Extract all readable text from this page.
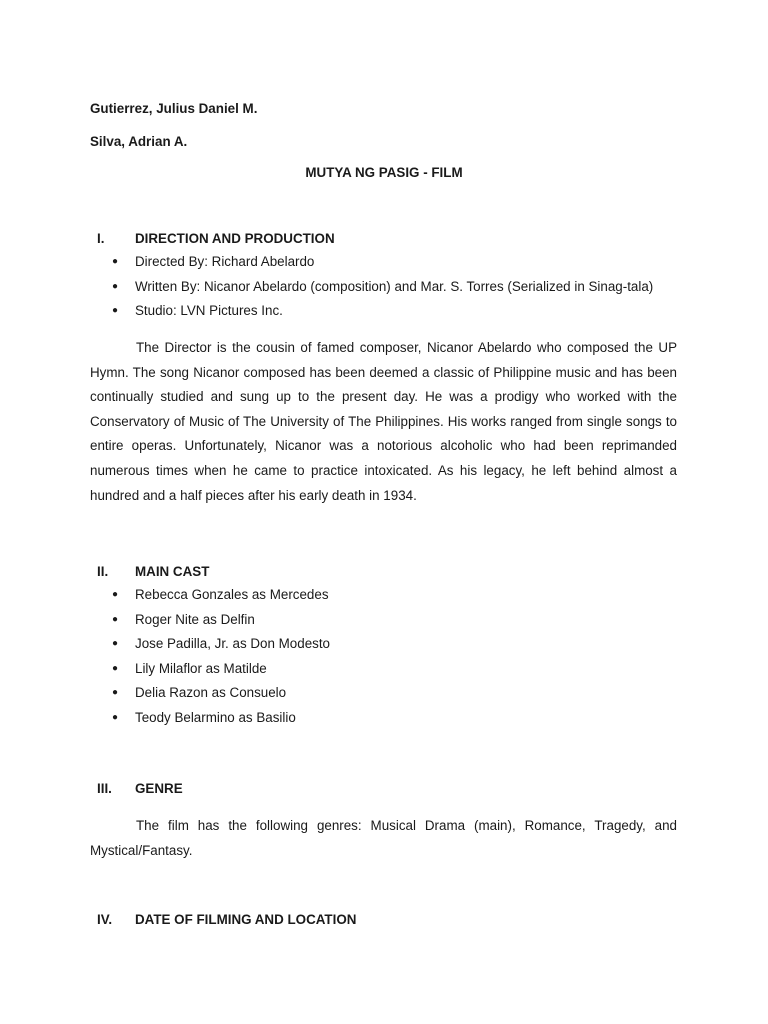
Gutierrez, Julius Daniel M.
Silva, Adrian A.
MUTYA NG PASIG - FILM
I.	DIRECTION AND PRODUCTION
● Directed By: Richard Abelardo
● Written By: Nicanor Abelardo (composition) and Mar. S. Torres (Serialized in Sinag-tala)
● Studio: LVN Pictures Inc.

The Director is the cousin of famed composer, Nicanor Abelardo who composed the UP Hymn. The song Nicanor composed has been deemed a classic of Philippine music and has been continually studied and sung up to the present day. He was a prodigy who worked with the Conservatory of Music of The University of The Philippines. His works ranged from single songs to entire operas. Unfortunately, Nicanor was a notorious alcoholic who had been reprimanded numerous times when he came to practice intoxicated. As his legacy, he left behind almost a hundred and a half pieces after his early death in 1934.

II.	MAIN CAST
● Rebecca Gonzales as Mercedes
● Roger Nite as Delfin
● Jose Padilla, Jr. as Don Modesto
● Lily Milaflor as Matilde
● Delia Razon as Consuelo
● Teody Belarmino as Basilio
III.	GENRE

The film has the following genres: Musical Drama (main), Romance, Tragedy, and Mystical/Fantasy.

IV.	DATE OF FILMING AND LOCATION
